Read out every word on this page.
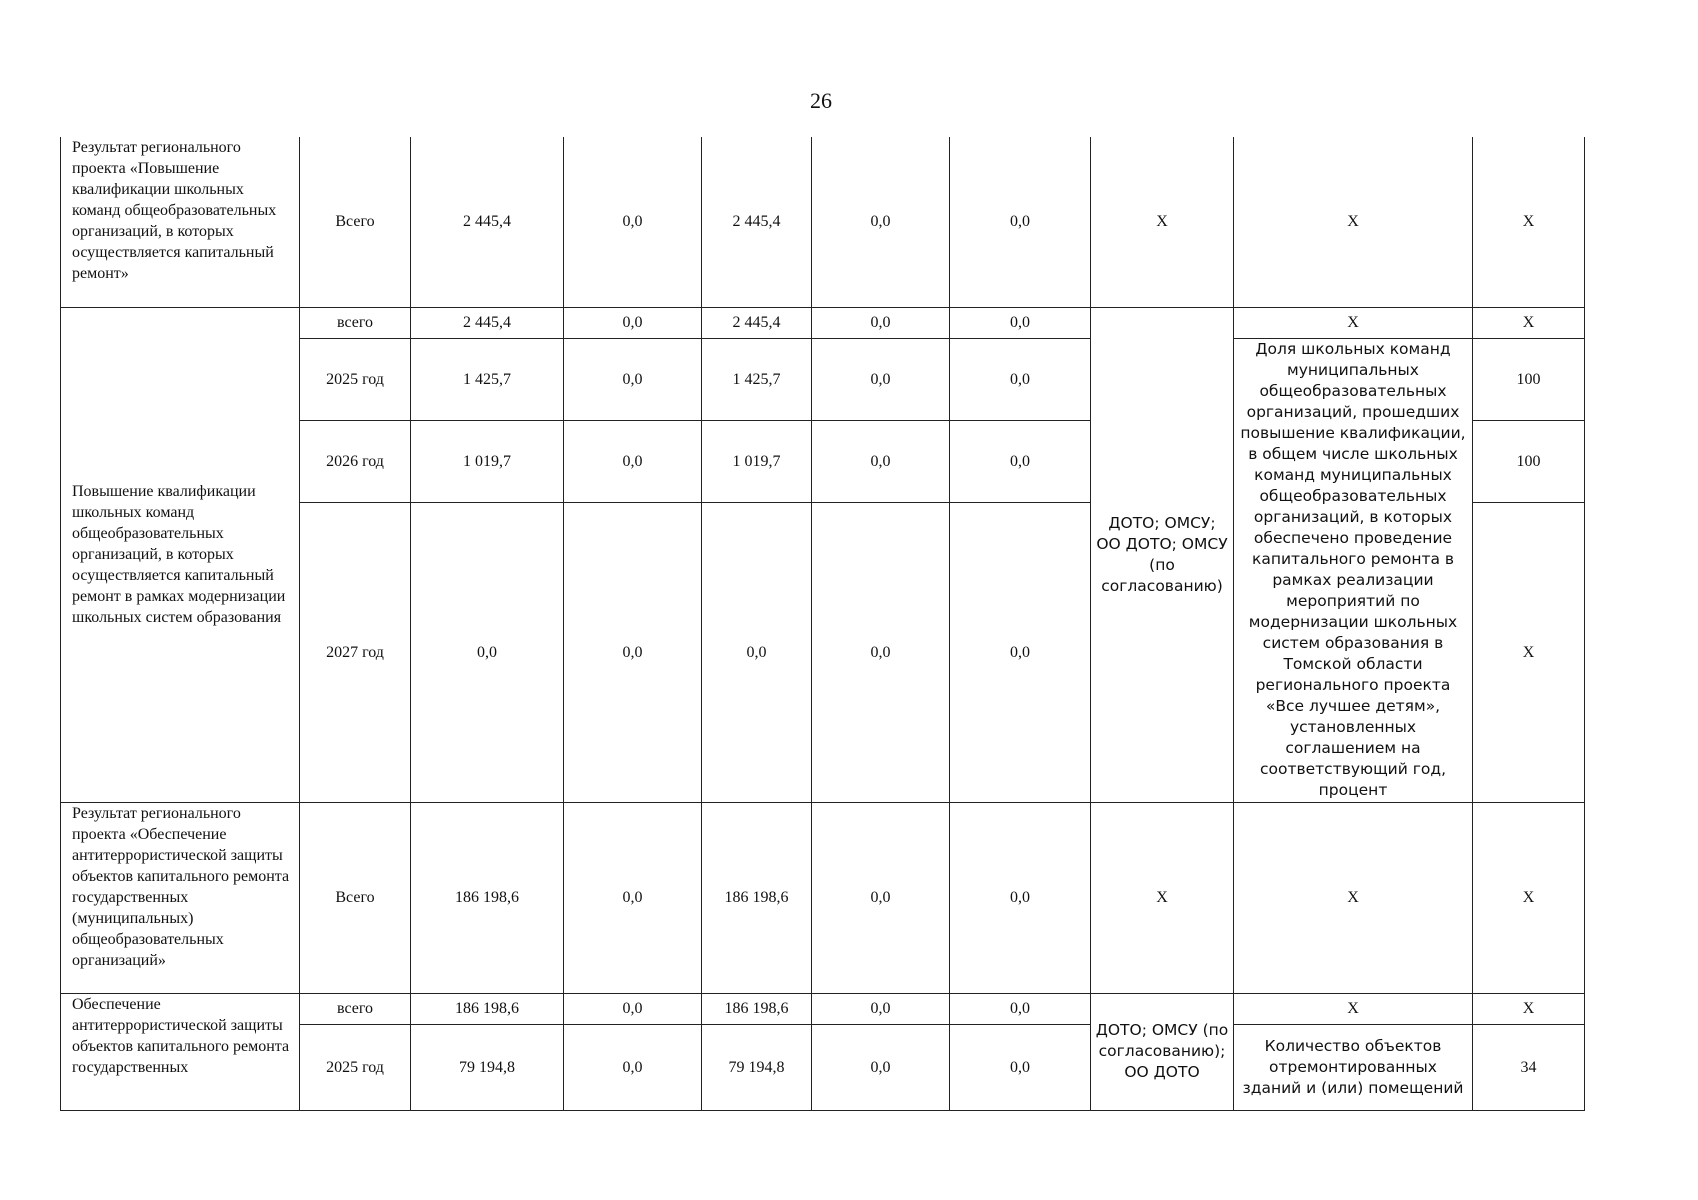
26
Результат регионального проекта «Повышение квалификации школьных команд общеобразовательных организаций, в которых осуществляется капитальный ремонт»	Всего	2 445,4	0,0	2 445,4	0,0	0,0	Х	Х	Х
Повышение квалификации школьных команд общеобразовательных организаций, в которых осуществляется капитальный ремонт в рамках модернизации школьных систем образования	всего	2 445,4	0,0	2 445,4	0,0	0,0	ДОТО; ОМСУ; ОО ДОТО; ОМСУ (по согласованию)	Х	Х
	2025 год	1 425,7	0,0	1 425,7	0,0	0,0		Доля школьных команд муниципальных общеобразовательных организаций, прошедших повышение квалификации, в общем числе школьных команд муниципальных общеобразовательных организаций, в которых обеспечено проведение капитального ремонта в рамках реализации мероприятий по модернизации школьных систем образования в Томской области регионального проекта «Все лучшее детям», установленных соглашением на соответствующий год, процент	100
	2026 год	1 019,7	0,0	1 019,7	0,0	0,0			100
	2027 год	0,0	0,0	0,0	0,0	0,0			Х
Результат регионального проекта «Обеспечение антитеррористической защиты объектов капитального ремонта государственных (муниципальных) общеобразовательных организаций»	Всего	186 198,6	0,0	186 198,6	0,0	0,0	Х	Х	Х
Обеспечение антитеррористической защиты объектов капитального ремонта государственных	всего	186 198,6	0,0	186 198,6	0,0	0,0	ДОТО; ОМСУ (по согласованию); ОО ДОТО	Х	Х
	2025 год	79 194,8	0,0	79 194,8	0,0	0,0		Количество объектов отремонтированных зданий и (или) помещений	34
